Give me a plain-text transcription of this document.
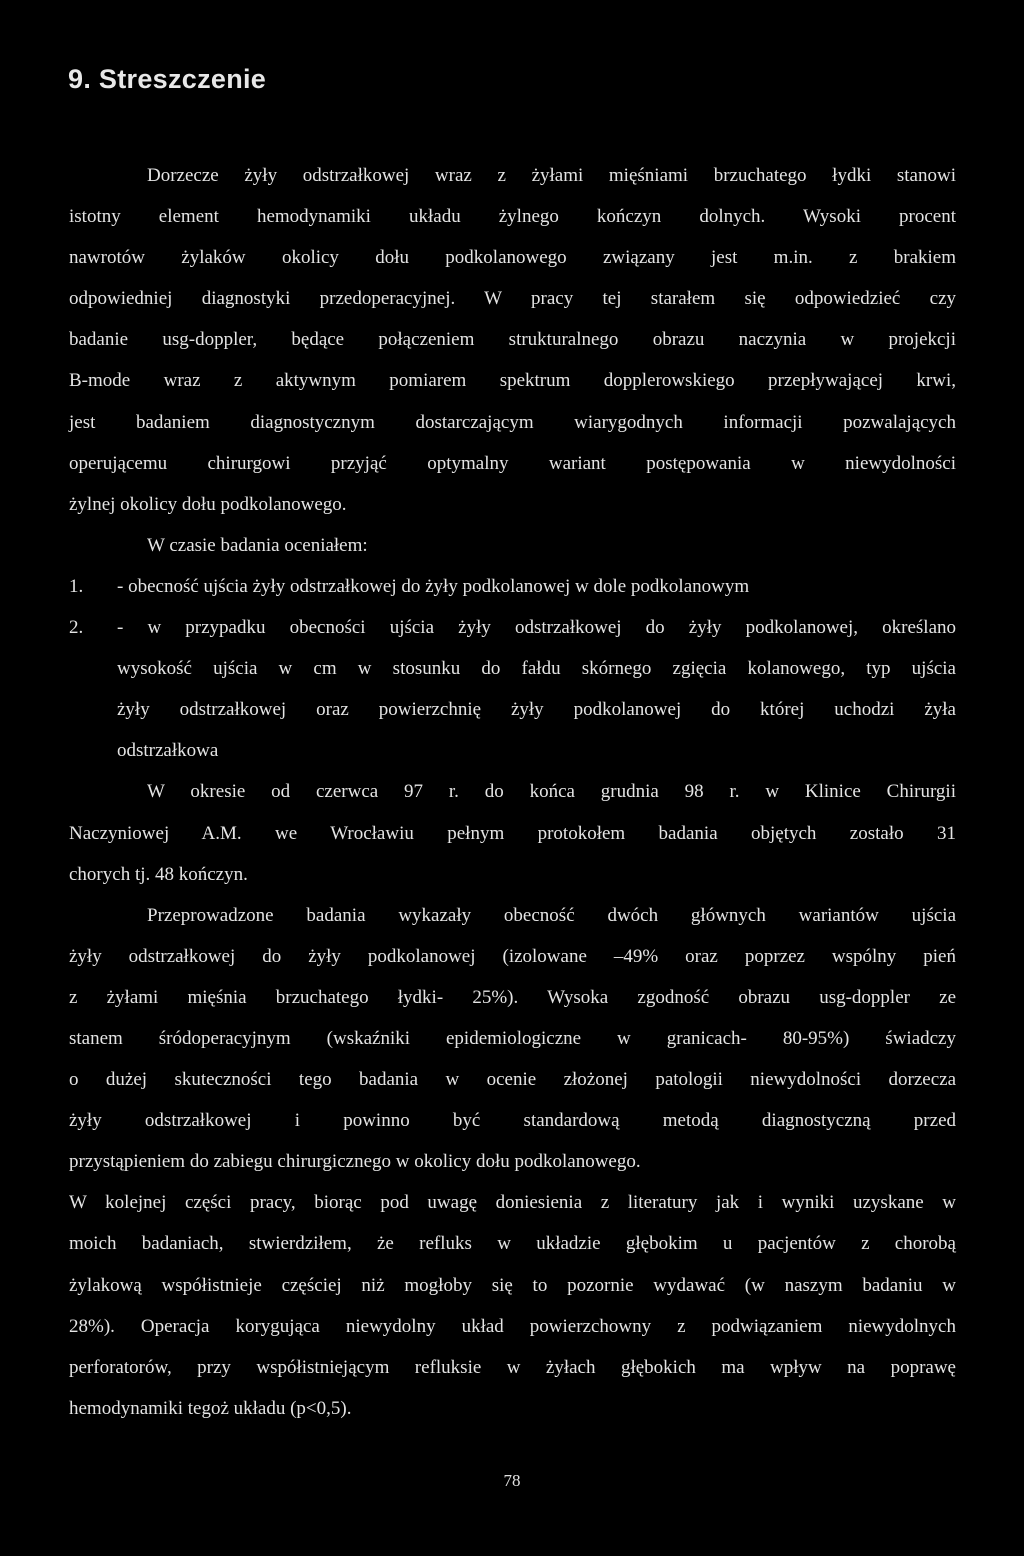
9. Streszczenie
Dorzecze żyły odstrzałkowej wraz z żyłami mięśniami brzuchatego łydki stanowi
istotny element hemodynamiki układu żylnego kończyn dolnych. Wysoki procent
nawrotów żylaków okolicy dołu podkolanowego związany jest m.in. z brakiem
odpowiedniej diagnostyki przedoperacyjnej. W pracy tej starałem się odpowiedzieć czy
badanie usg-doppler, będące połączeniem strukturalnego obrazu naczynia w projekcji
B-mode wraz z aktywnym pomiarem spektrum dopplerowskiego przepływającej krwi,
jest badaniem diagnostycznym dostarczającym wiarygodnych informacji pozwalających
operującemu chirurgowi przyjąć optymalny wariant postępowania w niewydolności
żylnej okolicy dołu podkolanowego.
W czasie badania oceniałem:
1. - obecność ujścia żyły odstrzałkowej do żyły podkolanowej w dole podkolanowym
2. - w przypadku obecności ujścia żyły odstrzałkowej do żyły podkolanowej, określano
wysokość ujścia w cm w stosunku do fałdu skórnego zgięcia kolanowego, typ ujścia
żyły odstrzałkowej oraz powierzchnię żyły podkolanowej do której uchodzi żyła
odstrzałkowa
W okresie od czerwca 97 r. do końca grudnia 98 r. w Klinice Chirurgii
Naczyniowej A.M. we Wrocławiu pełnym protokołem badania objętych zostało 31
chorych tj. 48 kończyn.
Przeprowadzone badania wykazały obecność dwóch głównych wariantów ujścia
żyły odstrzałkowej do żyły podkolanowej (izolowane –49% oraz poprzez wspólny pień
z żyłami mięśnia brzuchatego łydki- 25%). Wysoka zgodność obrazu usg-doppler ze
stanem śródoperacyjnym (wskaźniki epidemiologiczne w granicach- 80-95%) świadczy
o dużej skuteczności tego badania w ocenie złożonej patologii niewydolności dorzecza
żyły odstrzałkowej i powinno być standardową metodą diagnostyczną przed
przystąpieniem do zabiegu chirurgicznego w okolicy dołu podkolanowego.
W kolejnej części pracy, biorąc pod uwagę doniesienia z literatury jak i wyniki uzyskane w
moich badaniach, stwierdziłem, że refluks w układzie głębokim u pacjentów z chorobą
żylakową współistnieje częściej niż mogłoby się to pozornie wydawać (w naszym badaniu w
28%). Operacja korygująca niewydolny układ powierzchowny z podwiązaniem niewydolnych
perforatorów, przy współistniejącym refluksie w żyłach głębokich ma wpływ na poprawę
hemodynamiki tegoż układu (p<0,5).
78
